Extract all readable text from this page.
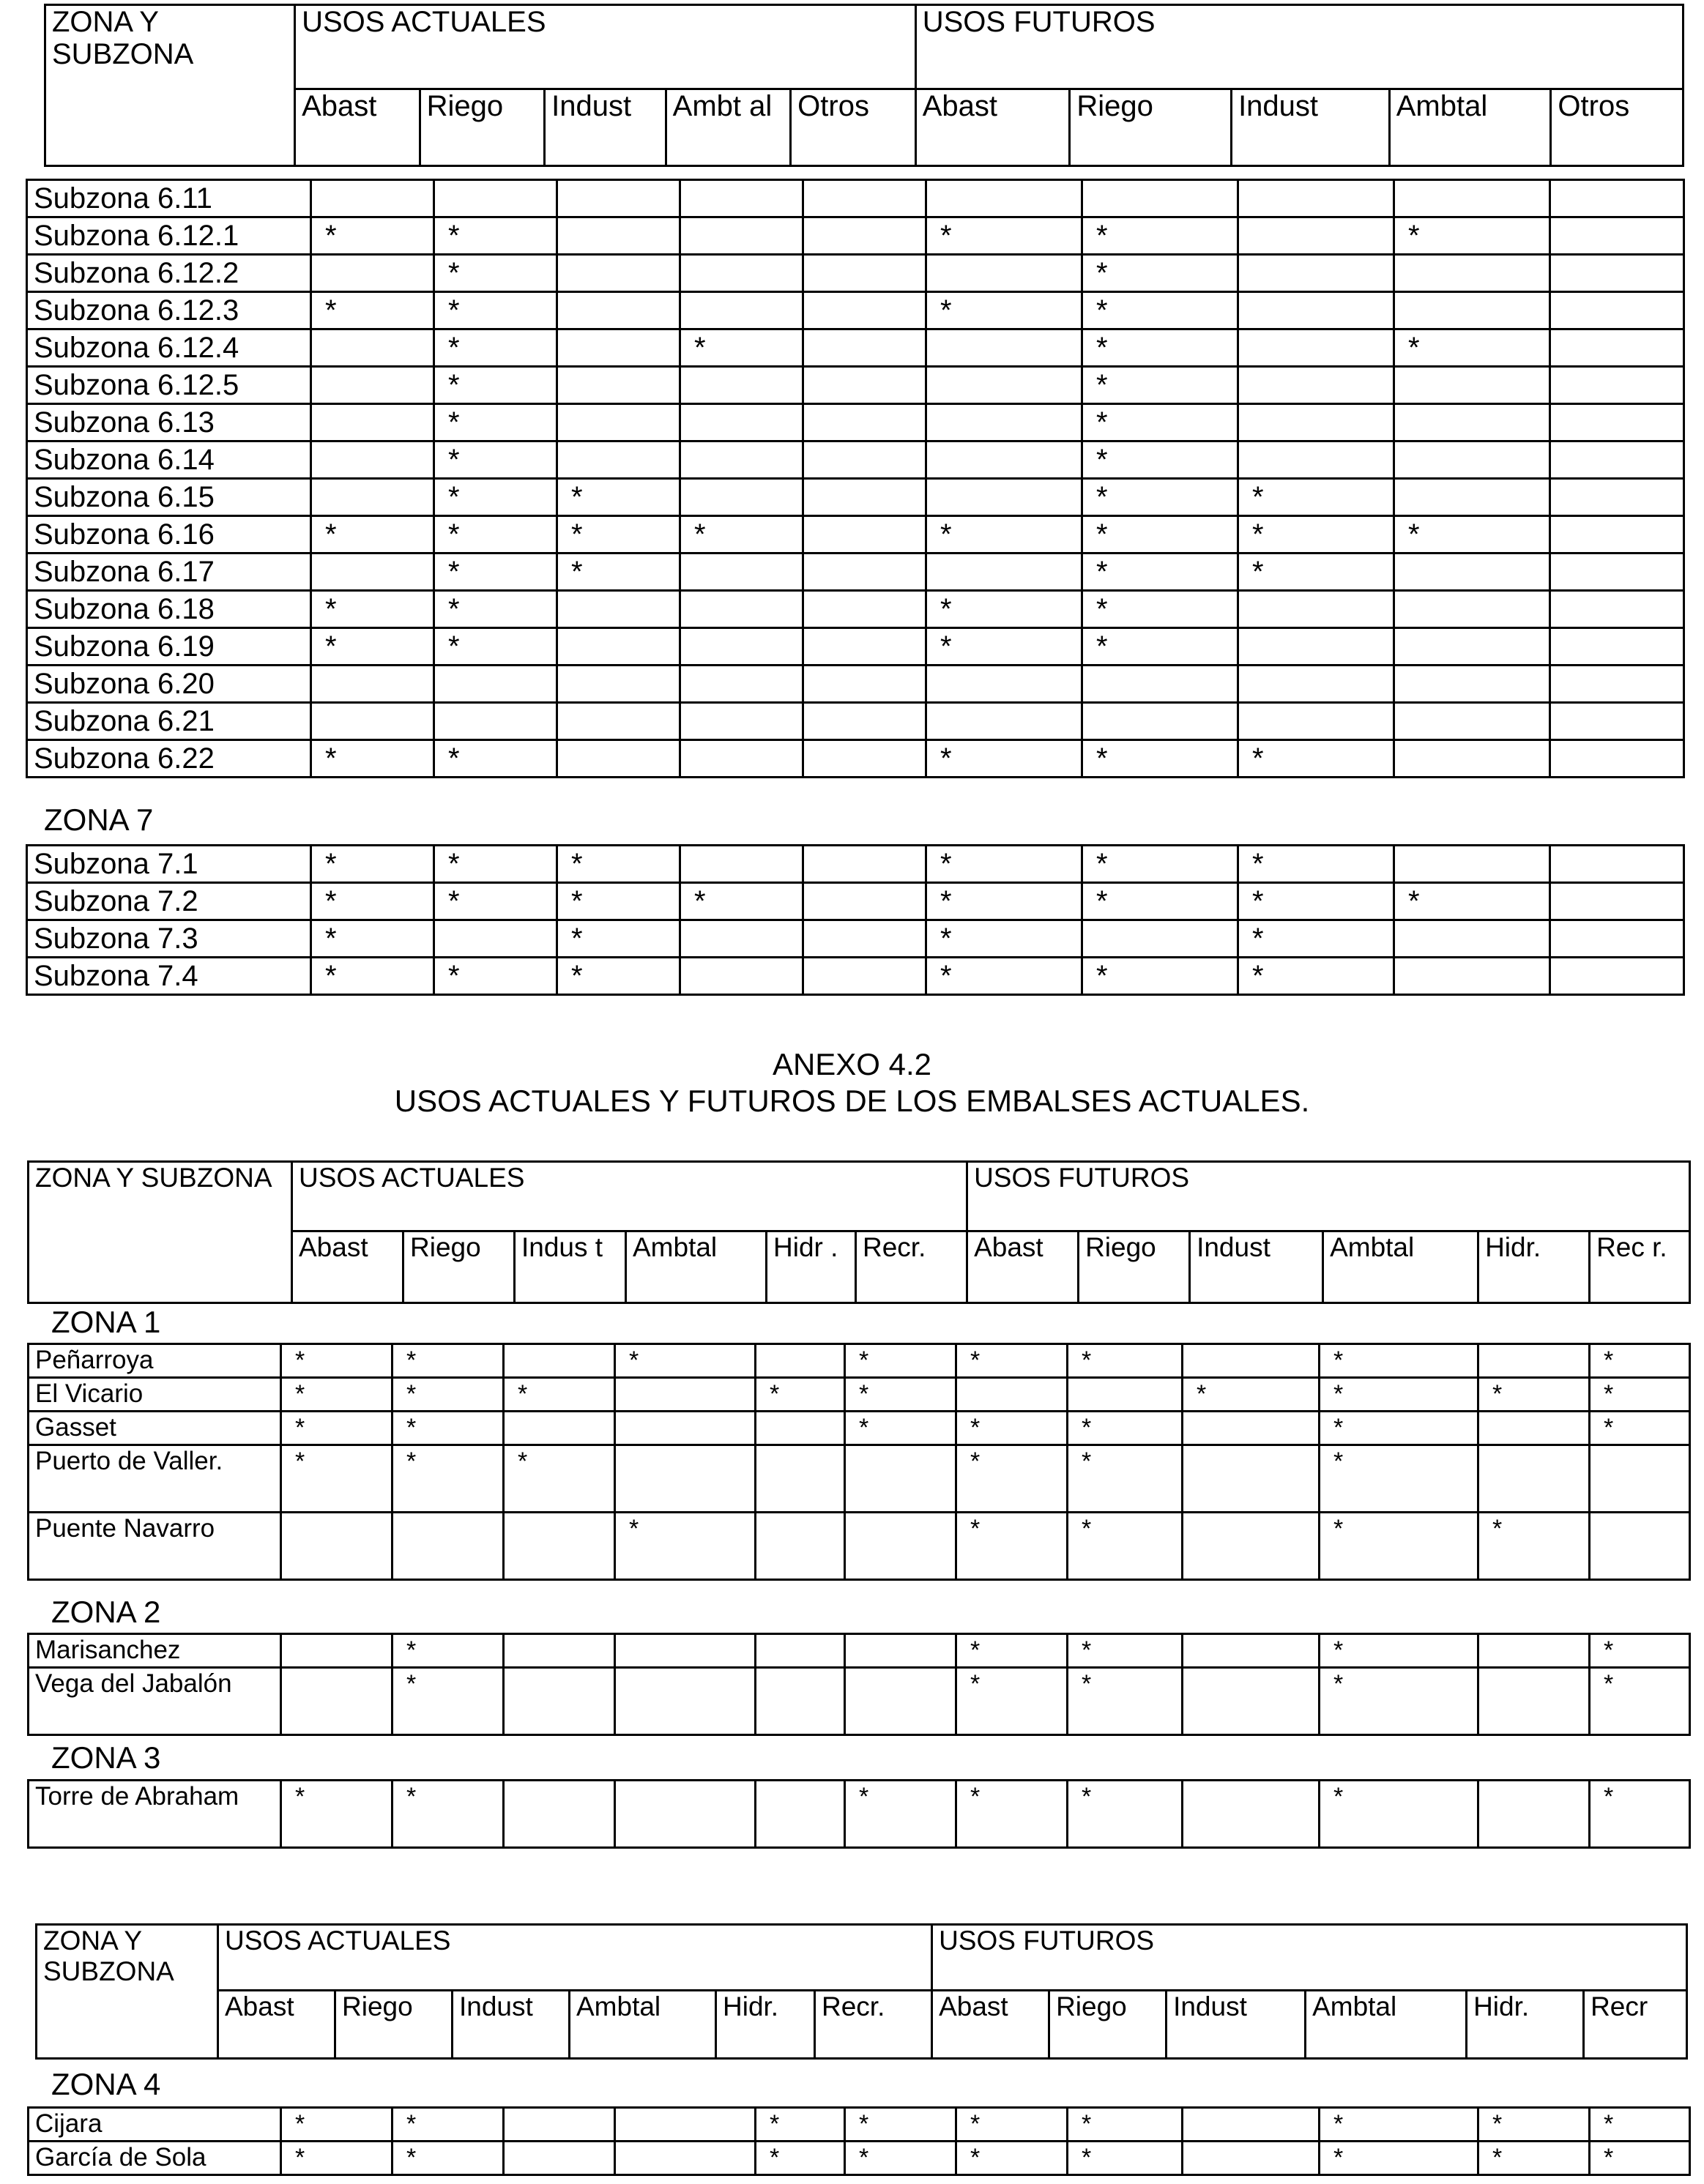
ZONA Y SUBZONA	USOS ACTUALES					USOS FUTUROS				
	Abast	Riego	Indust	Ambt al	Otros	Abast	Riego	Indust	Ambtal	Otros
Subzona 6.11										
Subzona 6.12.1	*	*				*	*		*	
Subzona 6.12.2		*					*			
Subzona 6.12.3	*	*				*	*			
Subzona 6.12.4		*		*			*		*	
Subzona 6.12.5		*					*			
Subzona 6.13		*					*			
Subzona 6.14		*					*			
Subzona 6.15		*	*				*	*		
Subzona 6.16	*	*	*	*		*	*	*	*	
Subzona 6.17		*	*				*	*		
Subzona 6.18	*	*				*	*			
Subzona 6.19	*	*				*	*			
Subzona 6.20										
Subzona 6.21										
Subzona 6.22	*	*				*	*	*		
ZONA 7
Subzona 7.1	*	*	*			*	*	*		
Subzona 7.2	*	*	*	*		*	*	*	*	
Subzona 7.3	*		*			*		*		
Subzona 7.4	*	*	*			*	*	*		
ANEXO 4.2
USOS ACTUALES Y FUTUROS DE LOS EMBALSES ACTUALES.
ZONA Y SUBZONA	USOS ACTUALES						USOS FUTUROS					
	Abast	Riego	Indus t	Ambtal	Hidr .	Recr.	Abast	Riego	Indust	Ambtal	Hidr.	Rec r.
ZONA 1
Peñarroya	*	*		*		*	*	*		*		*
El Vicario	*	*	*		*	*			*	*	*	*
Gasset	*	*				*	*	*		*		*
Puerto de Valler.	*	*	*				*	*		*		
Puente Navarro				*			*	*		*	*	
ZONA 2
Marisanchez		*					*	*		*		*
Vega del Jabalón		*					*	*		*		*
ZONA 3
Torre de Abraham	*	*				*	*	*		*		*
ZONA Y SUBZONA	USOS ACTUALES						USOS FUTUROS					
	Abast	Riego	Indust	Ambtal	Hidr.	Recr.	Abast	Riego	Indust	Ambtal	Hidr.	Recr
ZONA 4
Cijara	*	*			*	*	*	*		*	*	*
García de Sola	*	*			*	*	*	*		*	*	*
